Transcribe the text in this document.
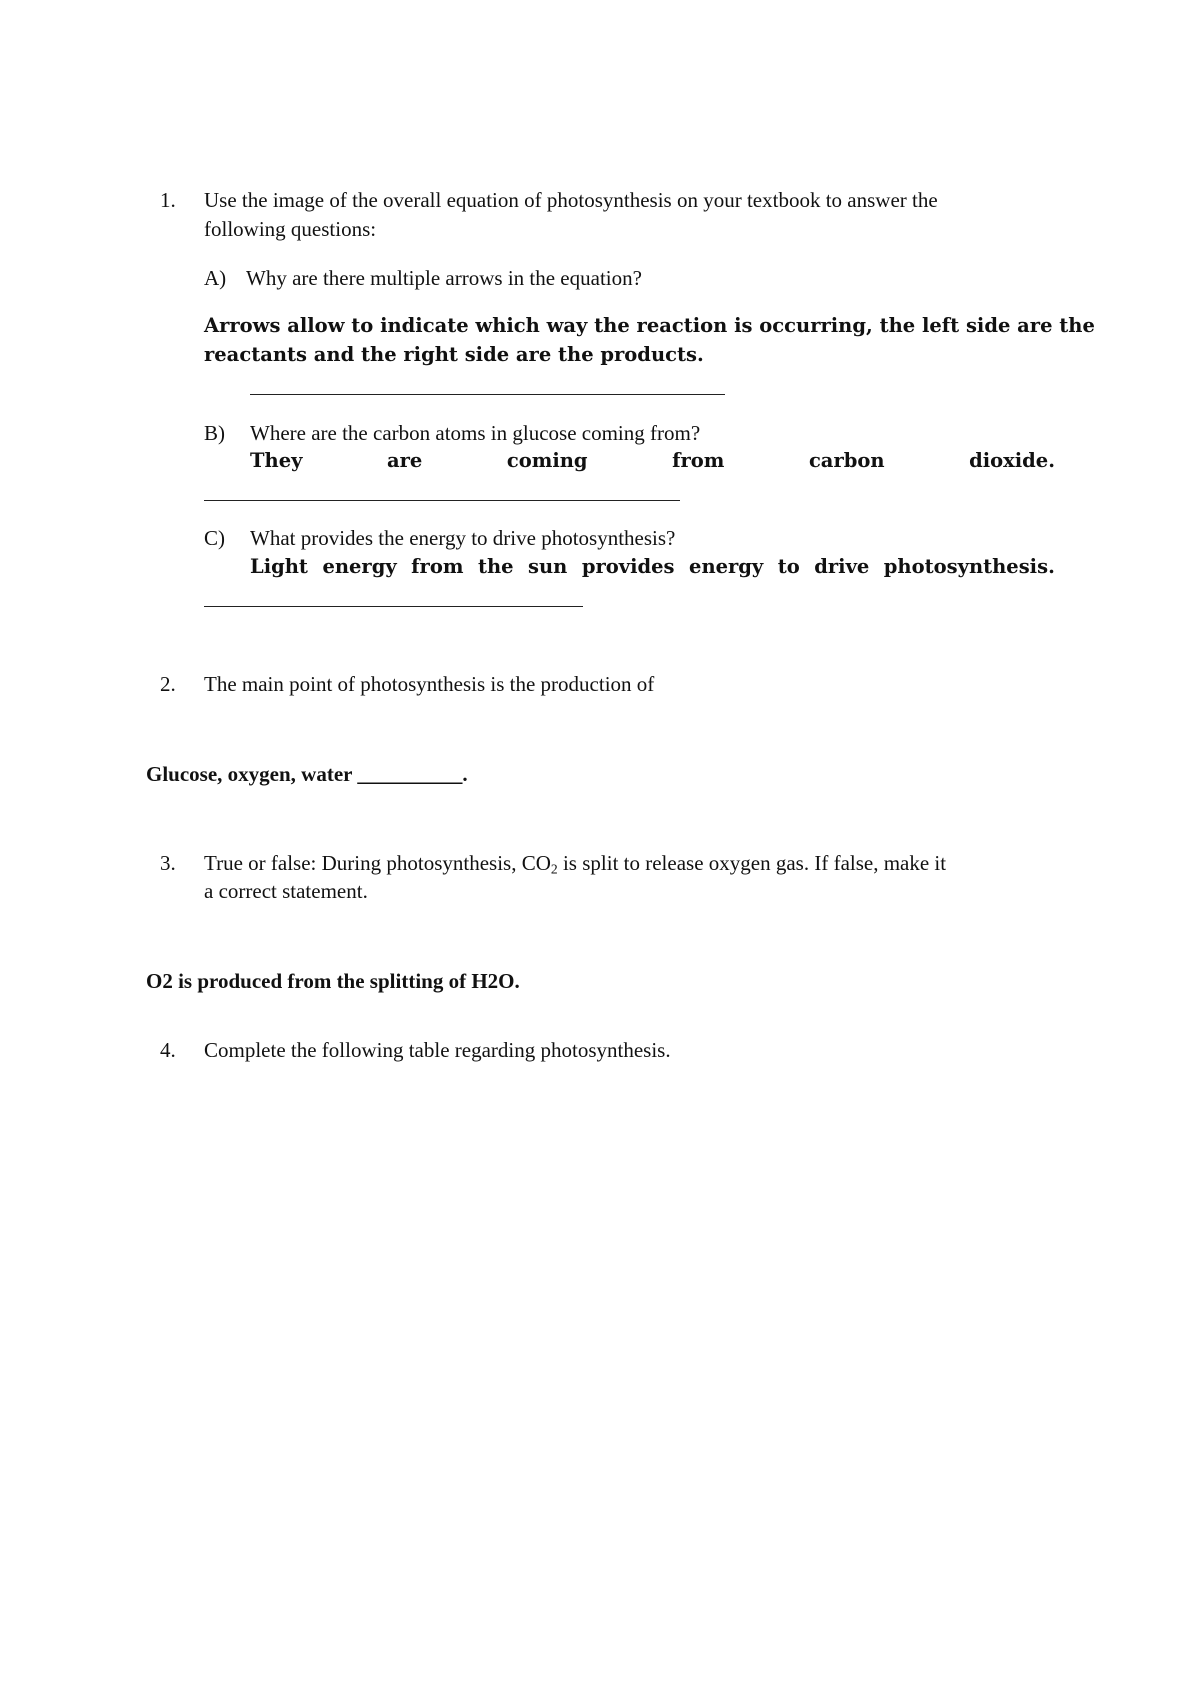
1. Use the image of the overall equation of photosynthesis on your textbook to answer the
following questions:
A) Why are there multiple arrows in the equation?
Arrows allow to indicate which way the reaction is occurring, the left side are the
reactants and the right side are the products.
B) Where are the carbon atoms in glucose coming from?
They	are	coming	from	carbon	dioxide.
C) What provides the energy to drive photosynthesis?
Light energy from the sun provides energy to drive photosynthesis.
2. The main point of photosynthesis is the production of
Glucose, oxygen, water __________.
3. True or false: During photosynthesis, $CO_2$ is split to release oxygen gas. If false, make it
a correct statement.
O2 is produced from the splitting of H2O.
4. Complete the following table regarding photosynthesis.
